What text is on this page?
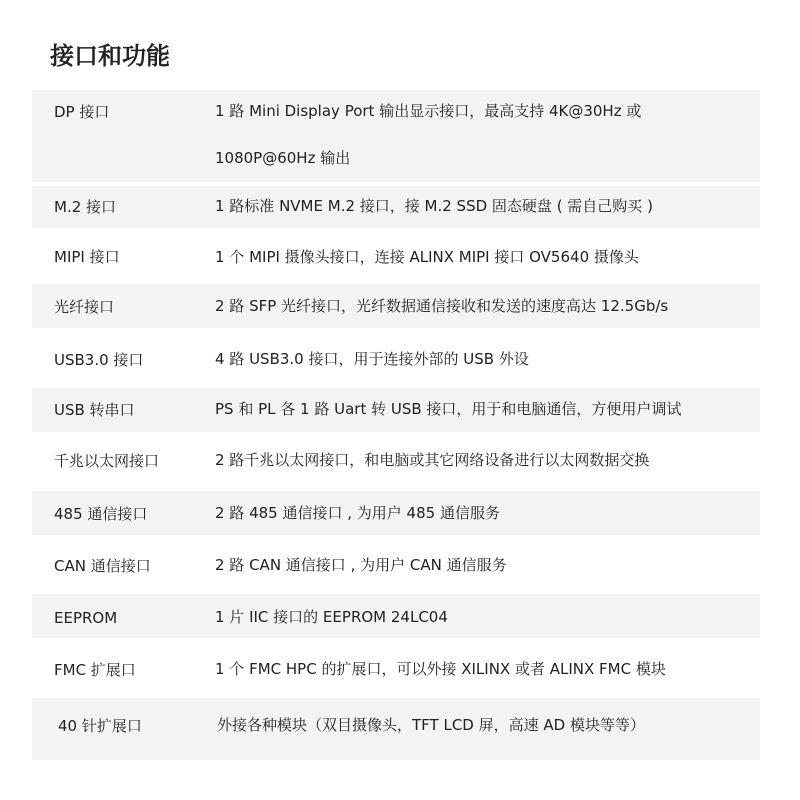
接口和功能
DP 接口	1 路 Mini Display Port 输出显示接口，最高支持 4K@30Hz 或
1080P@60Hz 输出
M.2 接口	1 路标准 NVME M.2 接口，接 M.2 SSD 固态硬盘 ( 需自己购买 )
MIPI 接口	1 个 MIPI 摄像头接口，连接 ALINX MIPI 接口 OV5640 摄像头
光纤接口	2 路 SFP 光纤接口，光纤数据通信接收和发送的速度高达 12.5Gb/s
USB3.0 接口	4 路 USB3.0 接口，用于连接外部的 USB 外设
USB 转串口	PS 和 PL 各 1 路 Uart 转 USB 接口，用于和电脑通信，方便用户调试
千兆以太网接口	2 路千兆以太网接口，和电脑或其它网络设备进行以太网数据交换
485 通信接口	2 路 485 通信接口 , 为用户 485 通信服务
CAN 通信接口	2 路 CAN 通信接口 , 为用户 CAN 通信服务
EEPROM	1 片 IIC 接口的 EEPROM 24LC04
FMC 扩展口	1 个 FMC HPC 的扩展口，可以外接 XILINX 或者 ALINX FMC 模块
40 针扩展口	外接各种模块（双目摄像头，TFT LCD 屏，高速 AD 模块等等）
